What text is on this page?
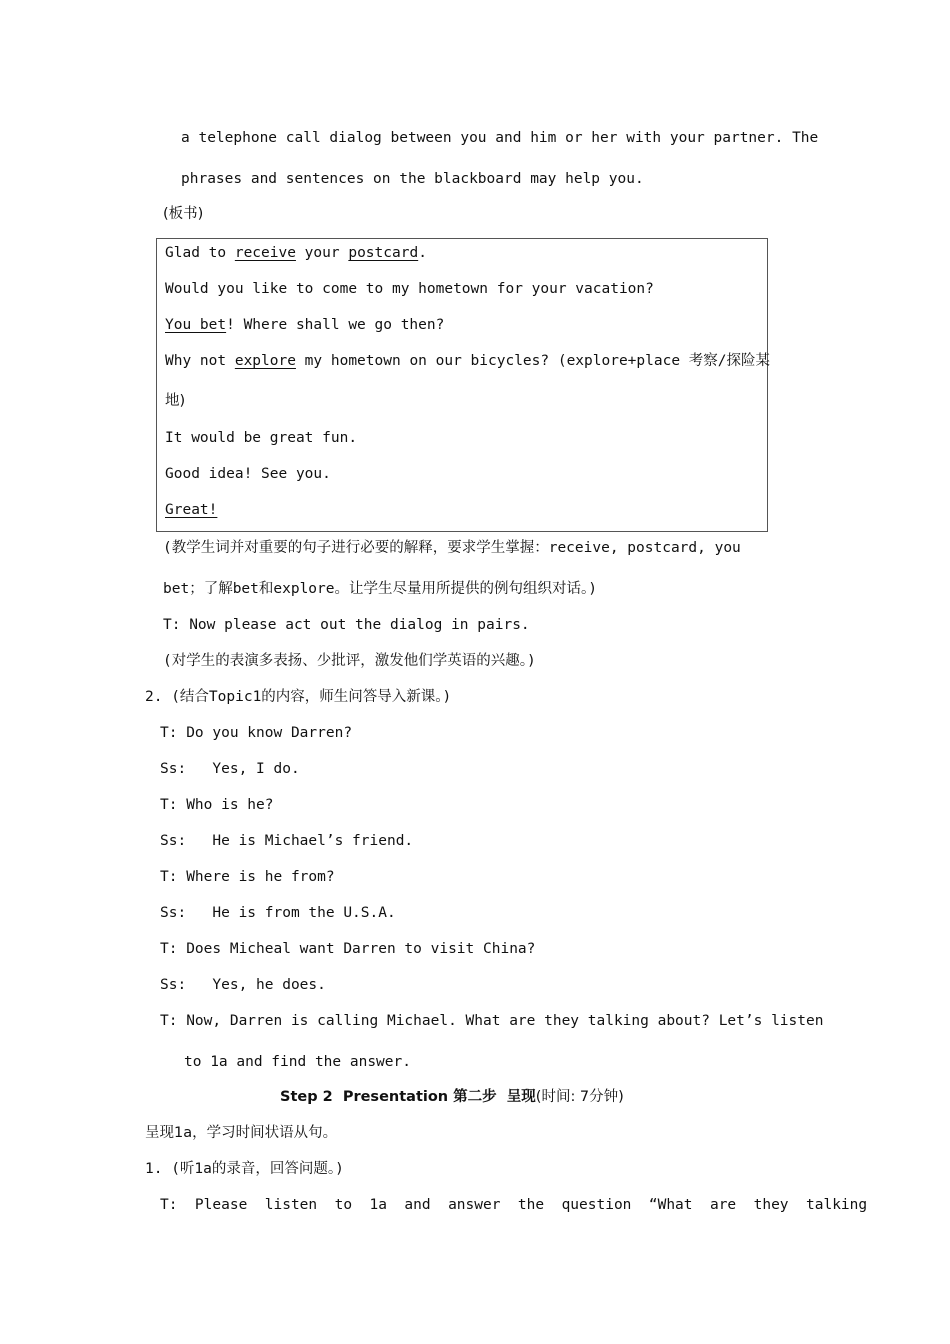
a telephone call dialog between you and him or her with your partner. The
phrases and sentences on the blackboard may help you.
(板书)
Glad to receive your postcard.
Would you like to come to my hometown for your vacation?
You bet! Where shall we go then?
Why not explore my hometown on our bicycles? (explore+place 考察/探险某
地)
It would be great fun.
Good idea! See you.
Great!
(教学生词并对重要的句子进行必要的解释，要求学生掌握：receive, postcard, you
bet；了解bet和explore。让学生尽量用所提供的例句组织对话。)
T: Now please act out the dialog in pairs.
(对学生的表演多表扬、少批评，激发他们学英语的兴趣。)
2. (结合Topic1的内容，师生问答导入新课。)
T: Do you know Darren?
Ss:   Yes, I do.
T: Who is he?
Ss:   He is Michael’s friend.
T: Where is he from?
Ss:   He is from the U.S.A.
T: Does Micheal want Darren to visit China?
Ss:   Yes, he does.
T: Now, Darren is calling Michael. What are they talking about? Let’s listen
to 1a and find the answer.
Step 2  Presentation 第二步  呈现(时间: 7分钟)
呈现1a，学习时间状语从句。
1. (听1a的录音，回答问题。)
T:  Please  listen  to  1a  and  answer  the  question  “What  are  they  talking
